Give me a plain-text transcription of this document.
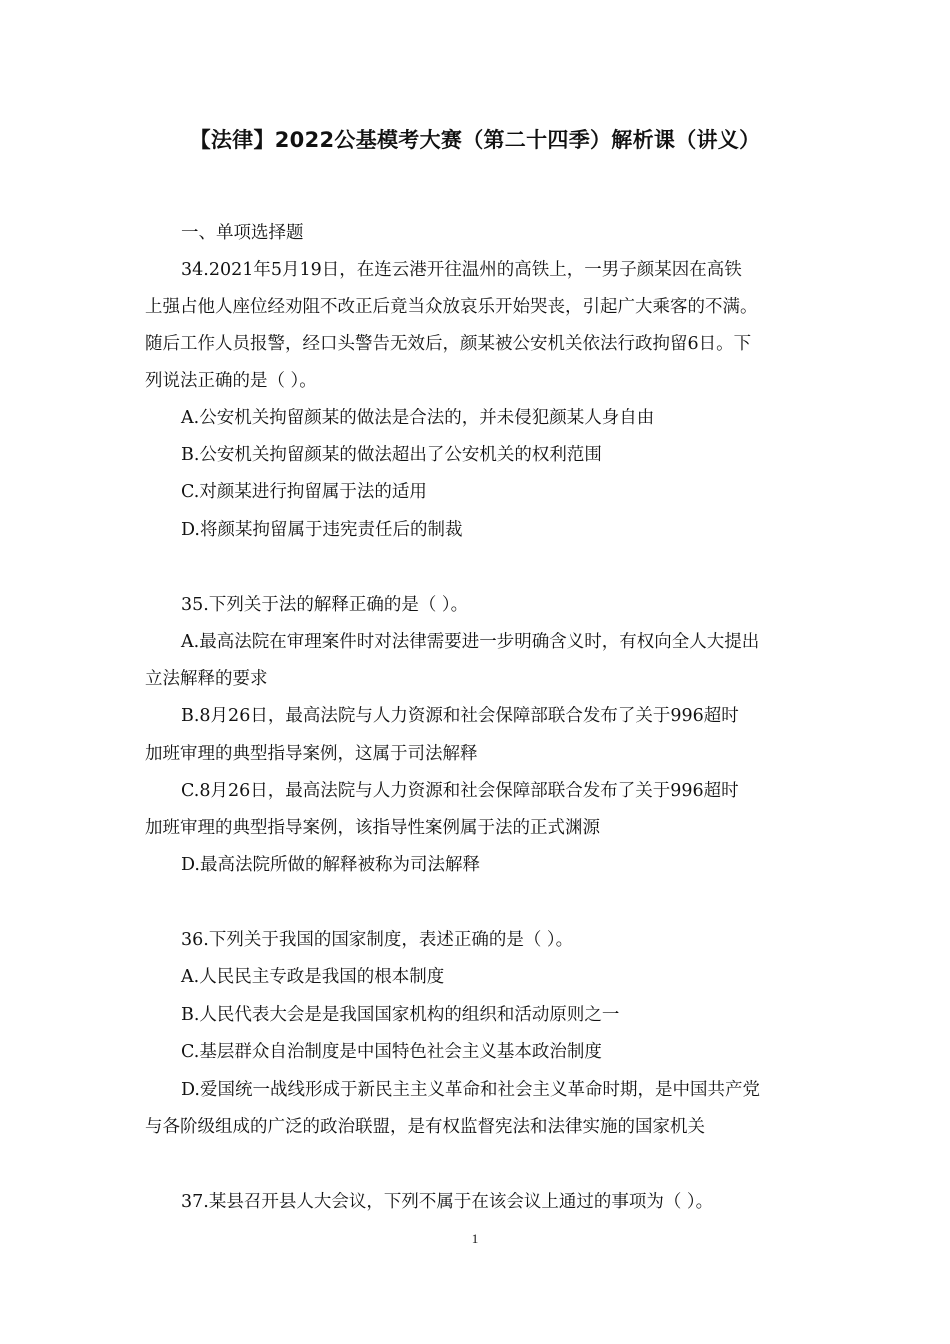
【法律】2022公基模考大赛（第二十四季）解析课（讲义）
一、单项选择题
34.2021年5月19日，在连云港开往温州的高铁上，一男子颜某因在高铁
上强占他人座位经劝阻不改正后竟当众放哀乐开始哭丧，引起广大乘客的不满。
随后工作人员报警，经口头警告无效后，颜某被公安机关依法行政拘留6日。下
列说法正确的是（ ）。
A.公安机关拘留颜某的做法是合法的，并未侵犯颜某人身自由
B.公安机关拘留颜某的做法超出了公安机关的权利范围
C.对颜某进行拘留属于法的适用
D.将颜某拘留属于违宪责任后的制裁
35.下列关于法的解释正确的是（ ）。
A.最高法院在审理案件时对法律需要进一步明确含义时，有权向全人大提出
立法解释的要求
B.8月26日，最高法院与人力资源和社会保障部联合发布了关于996超时
加班审理的典型指导案例，这属于司法解释
C.8月26日，最高法院与人力资源和社会保障部联合发布了关于996超时
加班审理的典型指导案例，该指导性案例属于法的正式渊源
D.最高法院所做的解释被称为司法解释
36.下列关于我国的国家制度，表述正确的是（ ）。
A.人民民主专政是我国的根本制度
B.人民代表大会是是我国国家机构的组织和活动原则之一
C.基层群众自治制度是中国特色社会主义基本政治制度
D.爱国统一战线形成于新民主主义革命和社会主义革命时期，是中国共产党
与各阶级组成的广泛的政治联盟，是有权监督宪法和法律实施的国家机关
37.某县召开县人大会议，下列不属于在该会议上通过的事项为（ ）。
1
